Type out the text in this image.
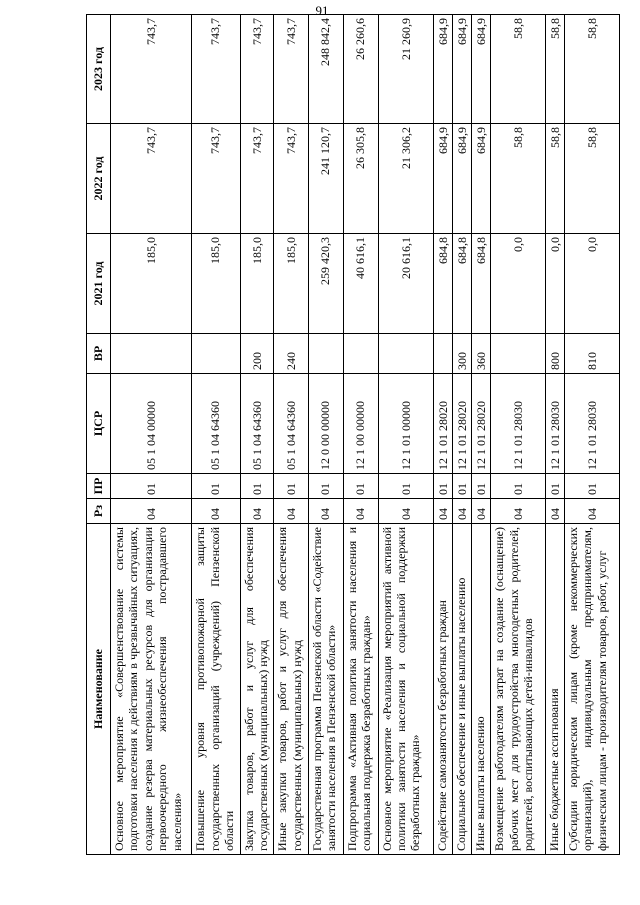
91
Наименование	Рз	ПР	ЦСР	ВР	2021 год	2022 год	2023 год
Основное мероприятие «Совершенствование системы подготовки населения к действиям в чрезвычайных ситуациях, создание резерва материальных ресурсов для организации первоочередного жизнеобеспечения пострадавшего населения»	04	01	05 1 04 00000		185,0	743,7	743,7
Повышение уровня противопожарной защиты государственных организаций (учреждений) Пензенской области	04	01	05 1 04 64360		185,0	743,7	743,7
Закупка товаров, работ и услуг для обеспечения государственных (муниципальных) нужд	04	01	05 1 04 64360	200	185,0	743,7	743,7
Иные закупки товаров, работ и услуг для обеспечения государственных (муниципальных) нужд	04	01	05 1 04 64360	240	185,0	743,7	743,7
Государственная программа Пензенской области «Содействие занятости населения в Пензенской области»	04	01	12 0 00 00000		259 420,3	241 120,7	248 842,4
Подпрограмма «Активная политика занятости населения и социальная поддержка безработных граждан»	04	01	12 1 00 00000		40 616,1	26 305,8	26 260,6
Основное мероприятие «Реализация мероприятий активной политики занятости населения и социальной поддержки безработных граждан»	04	01	12 1 01 00000		20 616,1	21 306,2	21 260,9
Содействие самозанятости безработных граждан	04	01	12 1 01 28020		684,8	684,9	684,9
Социальное обеспечение и иные выплаты населению	04	01	12 1 01 28020	300	684,8	684,9	684,9
Иные выплаты населению	04	01	12 1 01 28020	360	684,8	684,9	684,9
Возмещение работодателям затрат на создание (оснащение) рабочих мест для трудоустройства многодетных родителей, родителей, воспитывающих детей-инвалидов	04	01	12 1 01 28030		0,0	58,8	58,8
Иные бюджетные ассигнования	04	01	12 1 01 28030	800	0,0	58,8	58,8
Субсидии юридическим лицам (кроме некоммерческих организаций), индивидуальным предпринимателям, физическим лицам - производителям товаров, работ, услуг	04	01	12 1 01 28030	810	0,0	58,8	58,8
